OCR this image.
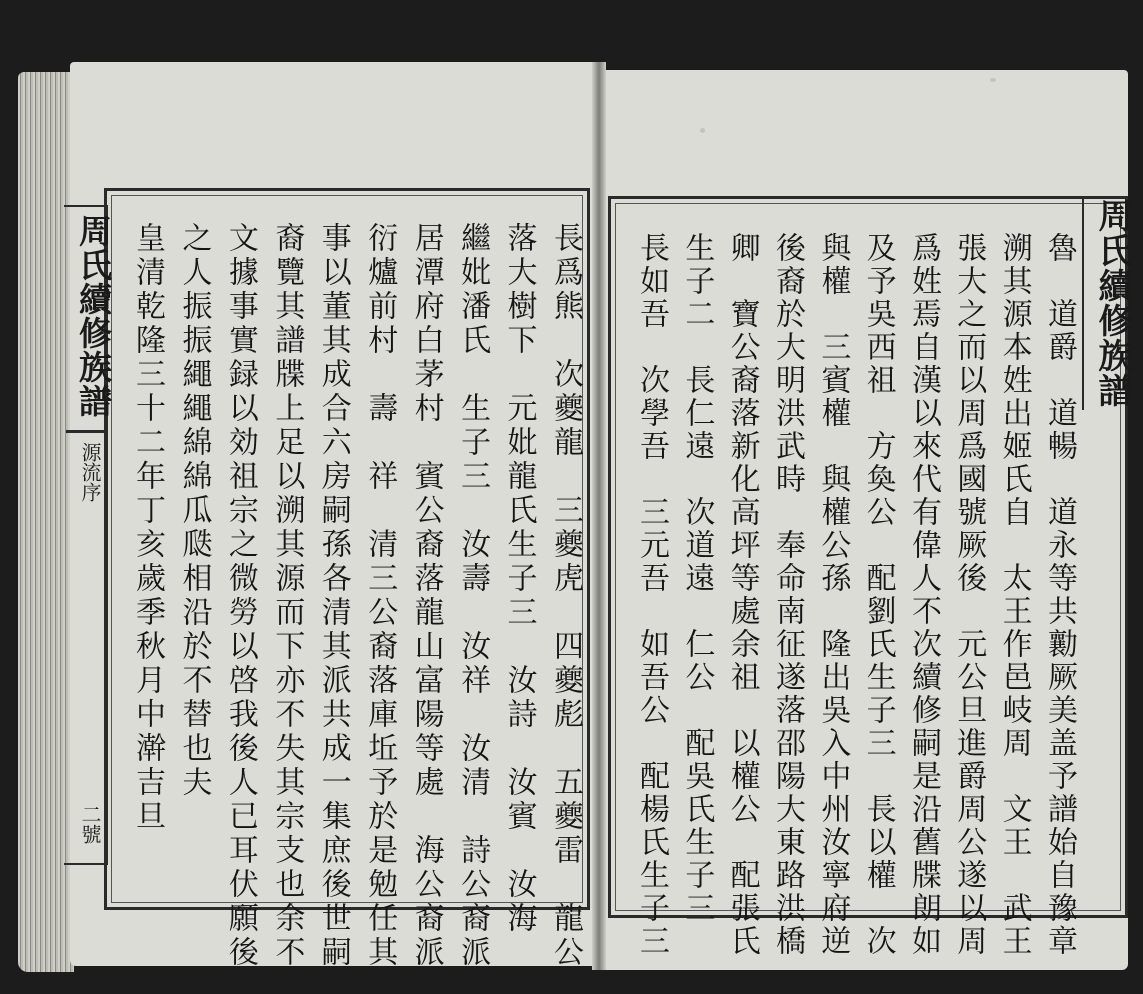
周氏續修族譜
源流序
二號	長爲熊　次夔龍　三夔虎　四夔彪　五夔雷　龍公
落大樹下　元妣龍氏生子三　汝詩　汝賓　汝海
繼妣潘氏　生子三　汝壽　汝祥　汝清　詩公裔派
居潭府白茅村　賓公裔落龍山富陽等處　海公裔派
衍爐前村　壽　祥　清三公裔落庫坵予於是勉任其
事以董其成合六房嗣孫各清其派共成一集庶後世嗣
裔覽其譜牒上足以溯其源而下亦不失其宗支也余不
文據事實録以効祖宗之微勞以啓我後人已耳伏願後
之人振振繩繩綿綿瓜瓞相沿於不替也夫
皇清乾隆三十二年丁亥歲季秋月中澣吉旦	周氏續修族譜
魯　道爵　道暢　道永等共勷厥美盖予譜始自豫章
溯其源本姓出姬氏自　太王作邑岐周　文王　武王
張大之而以周爲國號厥後　元公旦進爵周公遂以周
爲姓焉自漢以來代有偉人不次續修嗣是沿舊牒朗如
及予吳西祖　方奐公　配劉氏生子三　長以權　次
與權　三賓權　與權公孫　隆出吳入中州汝寧府逆
後裔於大明洪武時　奉命南征遂落邵陽大東路洪橋
卿　寶公裔落新化高坪等處余祖　以權公　配張氏
生子二　長仁遠　次道遠　仁公　配吳氏生子三
長如吾　次學吾　三元吾　如吾公　配楊氏生子三
